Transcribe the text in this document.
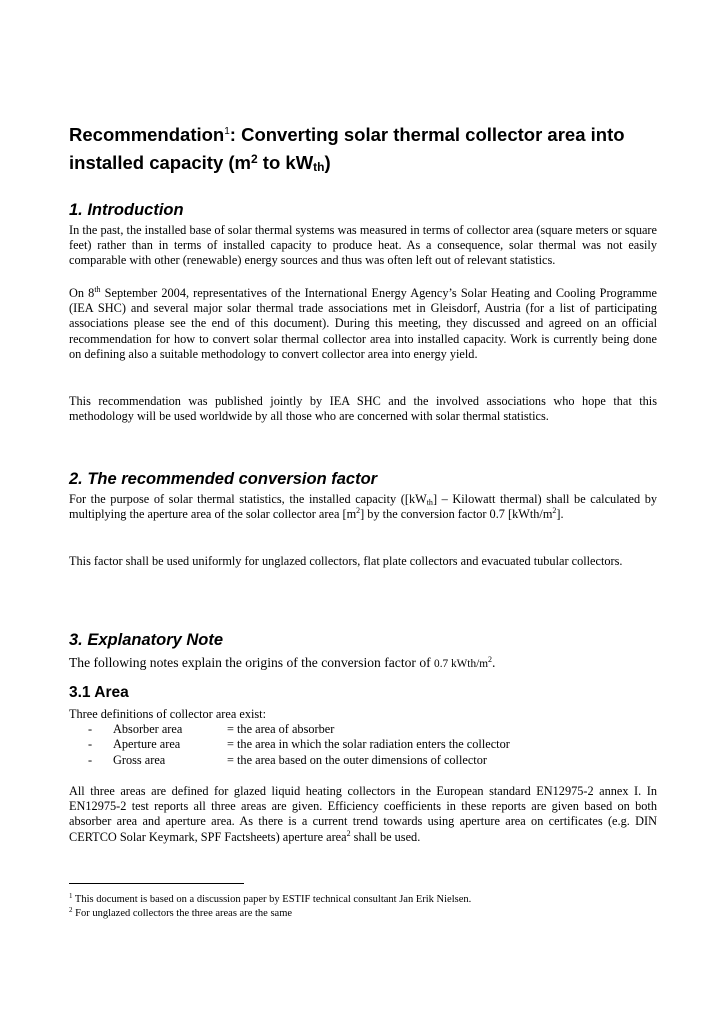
Recommendation$^1$: Converting solar thermal collector area into installed capacity ($m^2$ to $kW_{th}$)
1. Introduction

In the past, the installed base of solar thermal systems was measured in terms of collector area (square meters or square feet) rather than in terms of installed capacity to produce heat. As a consequence, solar thermal was not easily comparable with other (renewable) energy sources and thus was often left out of relevant statistics.

On 8th September 2004, representatives of the International Energy Agency’s Solar Heating and Cooling Programme (IEA SHC) and several major solar thermal trade associations met in Gleisdorf, Austria (for a list of participating associations please see the end of this document). During this meeting, they discussed and agreed on an official recommendation for how to convert solar thermal collector area into installed capacity. Work is currently being done on defining also a suitable methodology to convert collector area into energy yield.

This recommendation was published jointly by IEA SHC and the involved associations who hope that this methodology will be used worldwide by all those who are concerned with solar thermal statistics.

2. The recommended conversion factor

For the purpose of solar thermal statistics, the installed capacity ($[kW_{th}]$ – Kilowatt thermal) shall be calculated by multiplying the aperture area of the solar collector area $[m^2]$ by the conversion factor 0.7 $[kWth/m^2]$.

This factor shall be used uniformly for unglazed collectors, flat plate collectors and evacuated tubular collectors.

3. Explanatory Note

The following notes explain the origins of the conversion factor of 0.7 kWth/$m^2$.

3.1 Area

Three definitions of collector area exist:

-	Absorber area	= the area of absorber
-	Aperture area	= the area in which the solar radiation enters the collector
-	Gross area	= the area based on the outer dimensions of collector

All three areas are defined for glazed liquid heating collectors in the European standard EN12975-2 annex I. In EN12975-2 test reports all three areas are given. Efficiency coefficients in these reports are given based on both absorber area and aperture area. As there is a current trend towards using aperture area on certificates (e.g. DIN CERTCO Solar Keymark, SPF Factsheets) aperture area$^2$ shall be used.

$^1$ This document is based on a discussion paper by ESTIF technical consultant Jan Erik Nielsen.
$^2$ For unglazed collectors the three areas are the same
